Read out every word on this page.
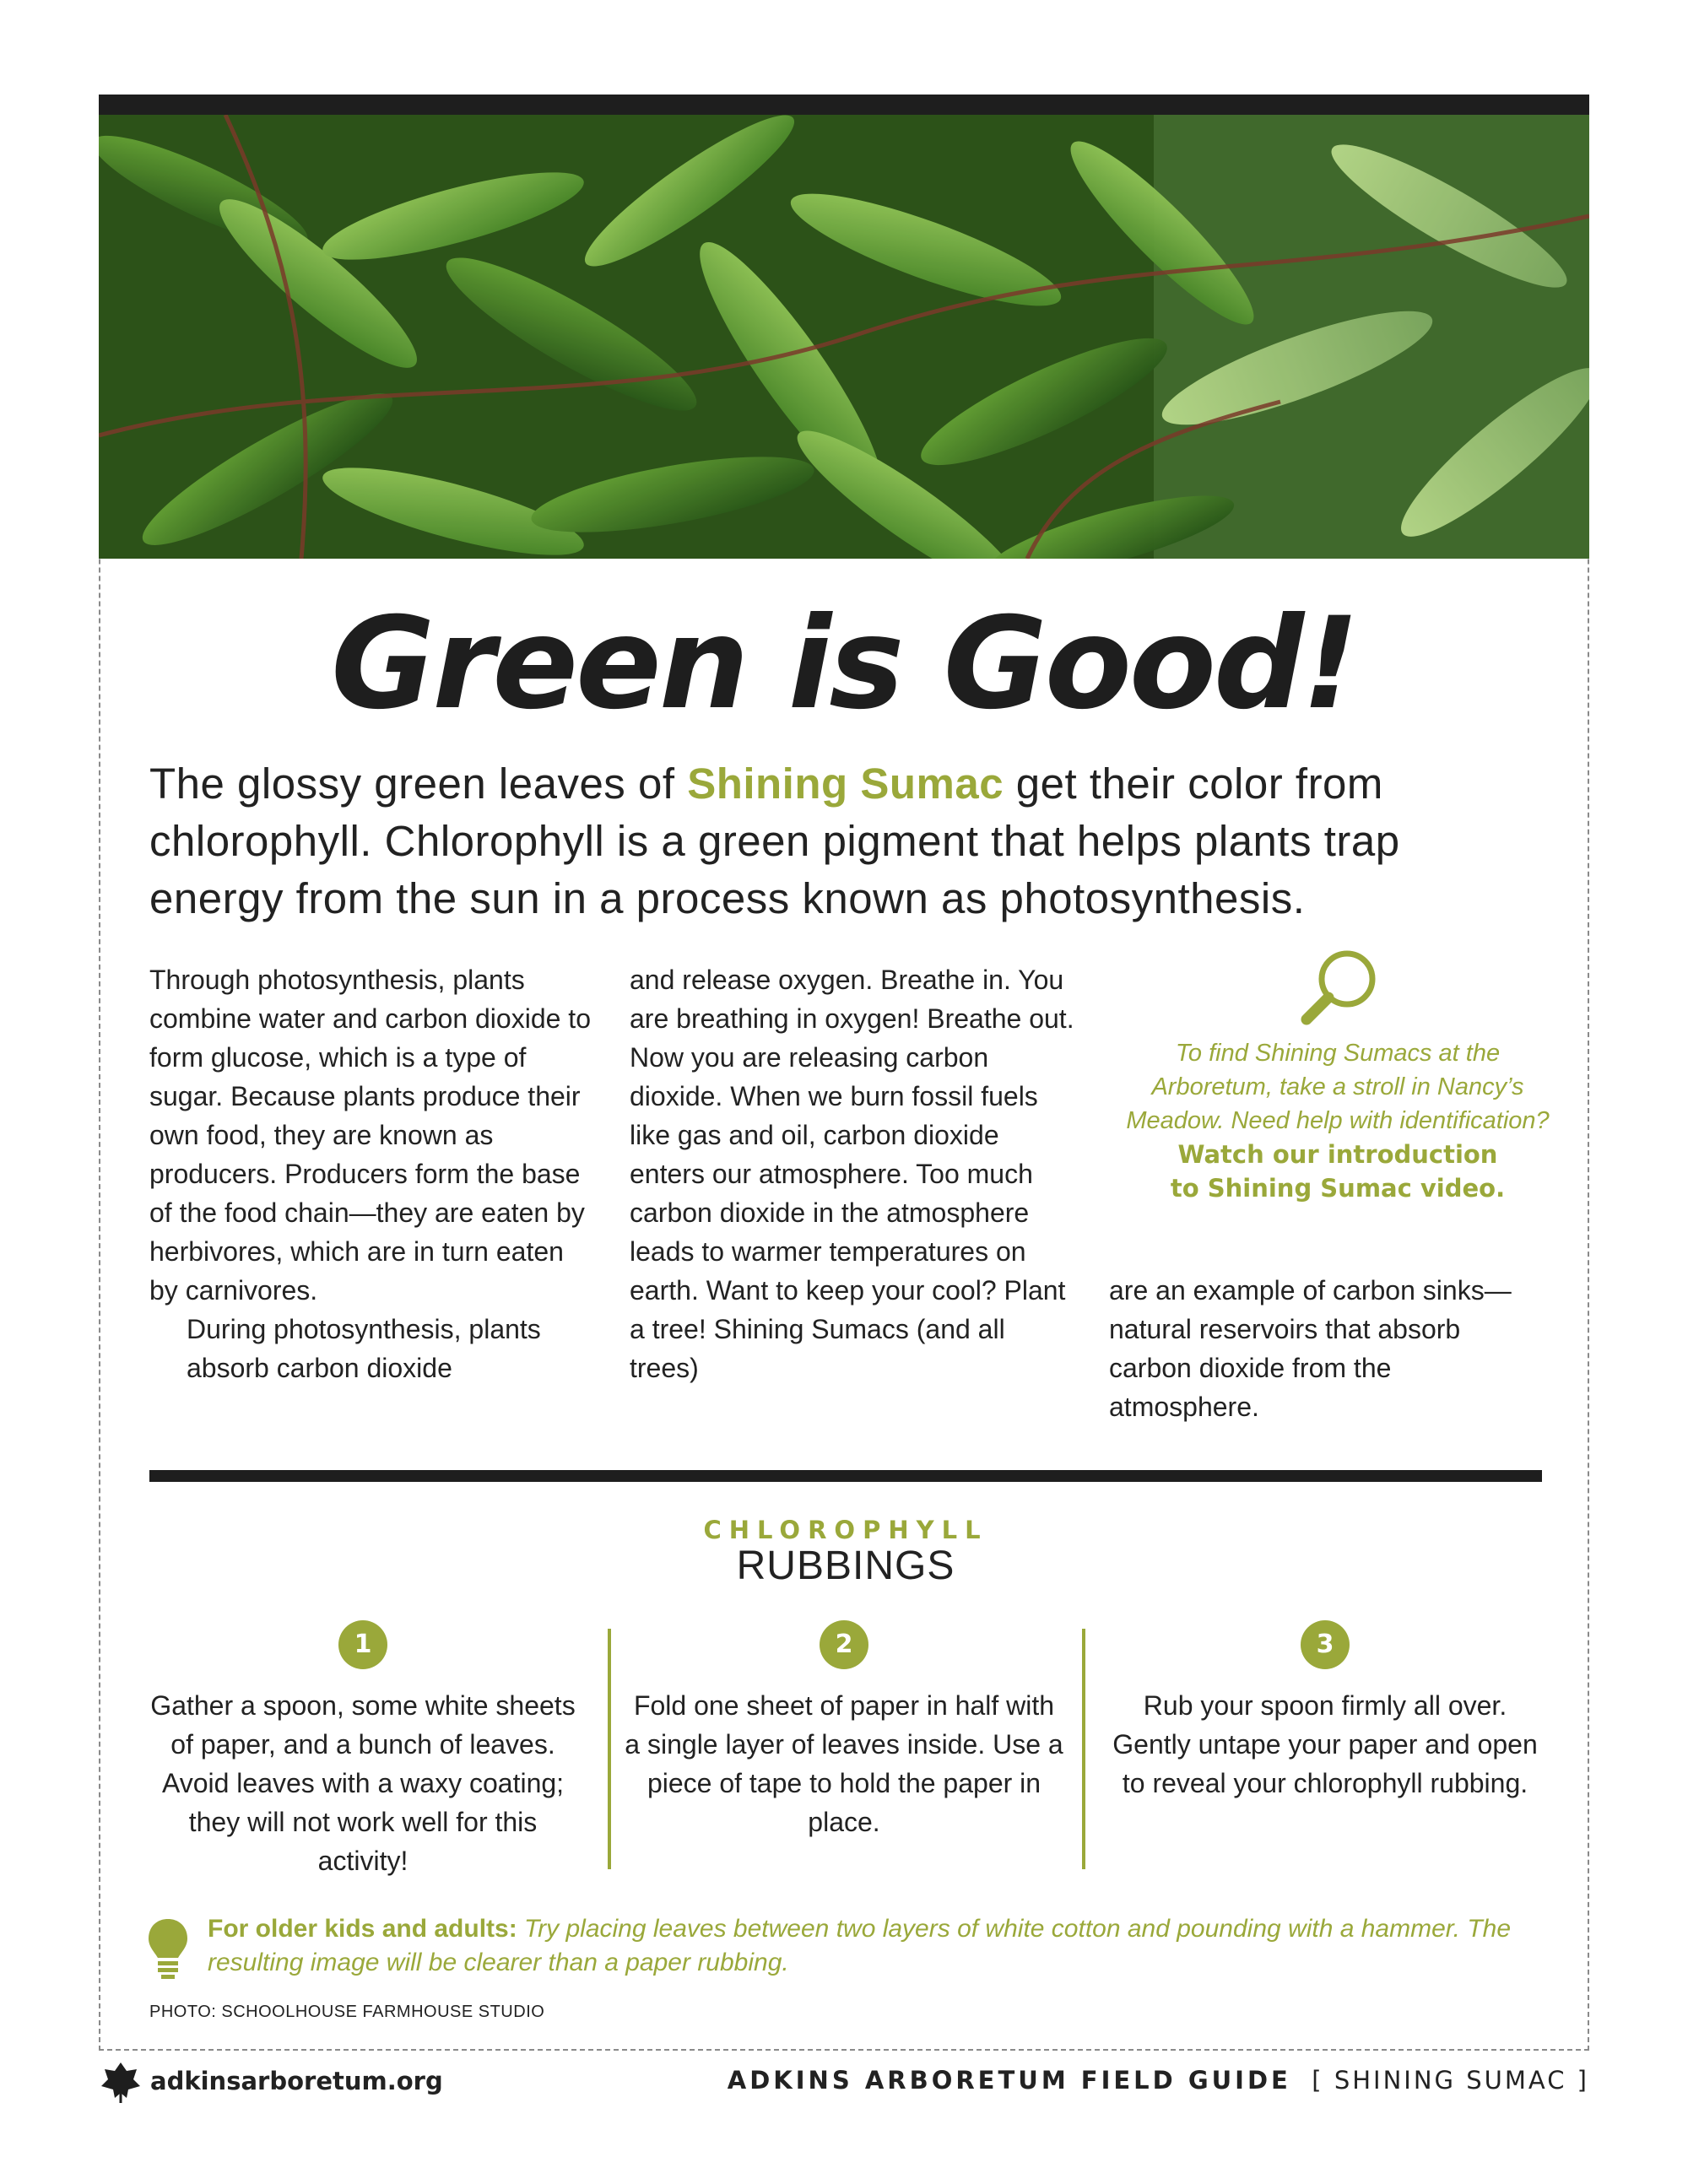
Green is Good!
The glossy green leaves of Shining Sumac get their color from chlorophyll. Chlorophyll is a green pigment that helps plants trap energy from the sun in a process known as photosynthesis.
Through photosynthesis, plants combine water and carbon dioxide to form glucose, which is a type of sugar. Because plants produce their own food, they are known as producers. Producers form the base of the food chain—they are eaten by herbivores, which are in turn eaten by carnivores.
During photosynthesis, plants absorb carbon dioxide
and release oxygen. Breathe in. You are breathing in oxygen! Breathe out. Now you are releasing carbon dioxide. When we burn fossil fuels like gas and oil, carbon dioxide enters our atmosphere. Too much carbon dioxide in the atmosphere leads to warmer temperatures on earth. Want to keep your cool? Plant a tree! Shining Sumacs (and all trees)
To find Shining Sumacs at the Arboretum, take a stroll in Nancy’s Meadow. Need help with identification?
Watch our introduction
to Shining Sumac video.
are an example of carbon sinks—natural reservoirs that absorb carbon dioxide from the atmosphere.
CHLOROPHYLL
RUBBINGS
1
Gather a spoon, some white sheets of paper, and a bunch of leaves. Avoid leaves with a waxy coating; they will not work well for this activity!
2
Fold one sheet of paper in half with a single layer of leaves inside. Use a piece of tape to hold the paper in place.
3
Rub your spoon firmly all over. Gently untape your paper and open to reveal your chlorophyll rubbing.
For older kids and adults: Try placing leaves between two layers of white cotton and pounding with a hammer. The resulting image will be clearer than a paper rubbing.
PHOTO: SCHOOLHOUSE FARMHOUSE STUDIO
adkinsarboretum.org	ADKINS ARBORETUM FIELD GUIDE [ SHINING SUMAC ]
